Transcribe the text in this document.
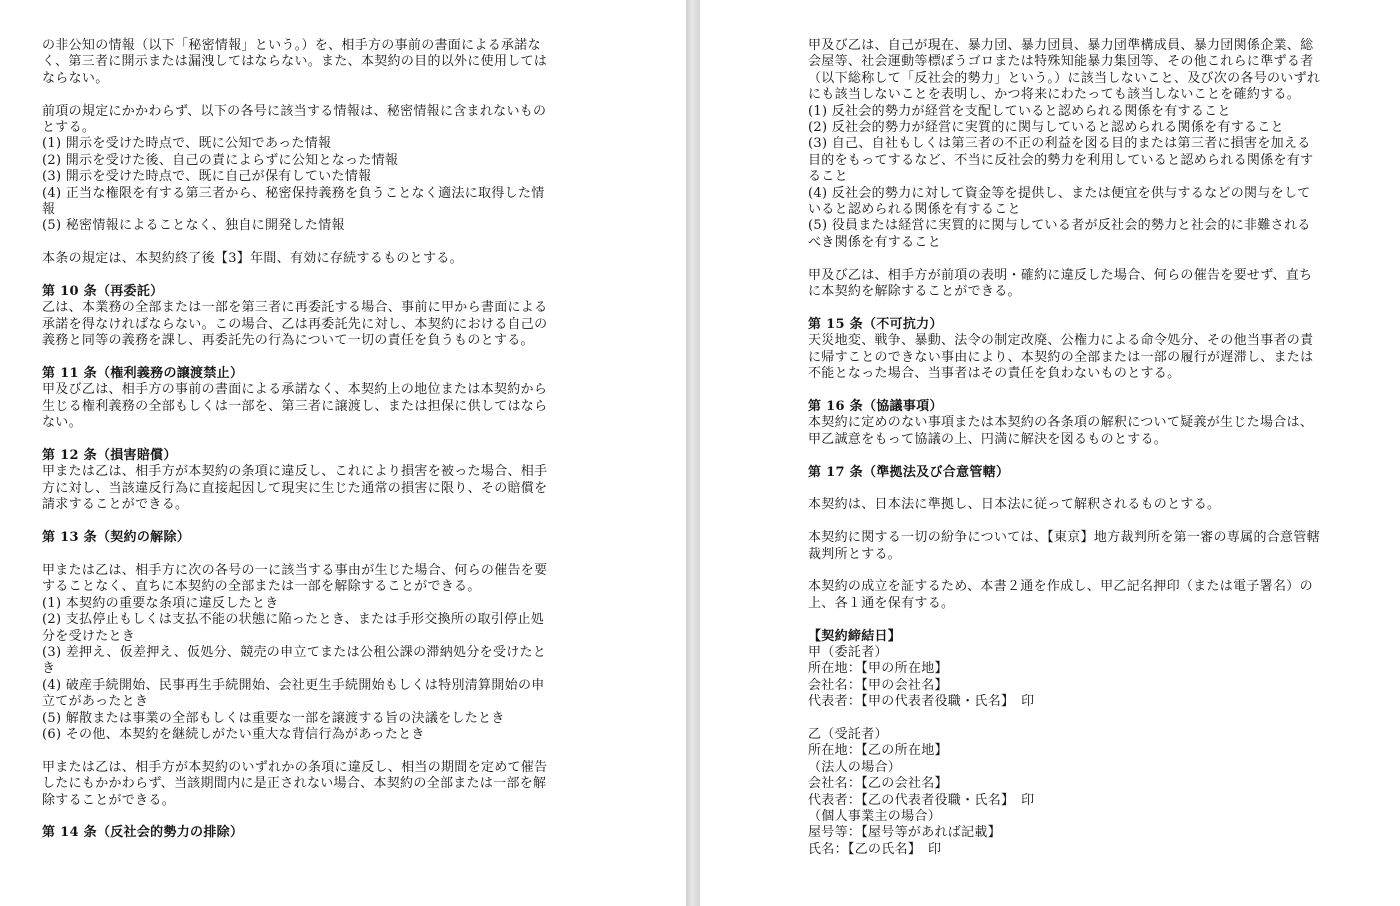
の非公知の情報（以下「秘密情報」という。）を、相手方の事前の書面による承諾な
く、第三者に開示または漏洩してはならない。また、本契約の目的以外に使用しては
ならない。

前項の規定にかかわらず、以下の各号に該当する情報は、秘密情報に含まれないもの
とする。

(1) 開示を受けた時点で、既に公知であった情報

(2) 開示を受けた後、自己の責によらずに公知となった情報

(3) 開示を受けた時点で、既に自己が保有していた情報

(4) 正当な権限を有する第三者から、秘密保持義務を負うことなく適法に取得した情
報

(5) 秘密情報によることなく、独自に開発した情報

本条の規定は、本契約終了後【3】年間、有効に存続するものとする。

第 10 条（再委託）

乙は、本業務の全部または一部を第三者に再委託する場合、事前に甲から書面による
承諾を得なければならない。この場合、乙は再委託先に対し、本契約における自己の
義務と同等の義務を課し、再委託先の行為について一切の責任を負うものとする。

第 11 条（権利義務の譲渡禁止）

甲及び乙は、相手方の事前の書面による承諾なく、本契約上の地位または本契約から
生じる権利義務の全部もしくは一部を、第三者に譲渡し、または担保に供してはなら
ない。

第 12 条（損害賠償）

甲または乙は、相手方が本契約の条項に違反し、これにより損害を被った場合、相手
方に対し、当該違反行為に直接起因して現実に生じた通常の損害に限り、その賠償を
請求することができる。

第 13 条（契約の解除）

甲または乙は、相手方に次の各号の一に該当する事由が生じた場合、何らの催告を要
することなく、直ちに本契約の全部または一部を解除することができる。

(1) 本契約の重要な条項に違反したとき

(2) 支払停止もしくは支払不能の状態に陥ったとき、または手形交換所の取引停止処
分を受けたとき

(3) 差押え、仮差押え、仮処分、競売の申立てまたは公租公課の滞納処分を受けたと
き

(4) 破産手続開始、民事再生手続開始、会社更生手続開始もしくは特別清算開始の申
立てがあったとき

(5) 解散または事業の全部もしくは重要な一部を譲渡する旨の決議をしたとき

(6) その他、本契約を継続しがたい重大な背信行為があったとき

甲または乙は、相手方が本契約のいずれかの条項に違反し、相当の期間を定めて催告
したにもかかわらず、当該期間内に是正されない場合、本契約の全部または一部を解
除することができる。

第 14 条（反社会的勢力の排除）

甲及び乙は、自己が現在、暴力団、暴力団員、暴力団準構成員、暴力団関係企業、総
会屋等、社会運動等標ぼうゴロまたは特殊知能暴力集団等、その他これらに準ずる者
（以下総称して「反社会的勢力」という。）に該当しないこと、及び次の各号のいずれ
にも該当しないことを表明し、かつ将来にわたっても該当しないことを確約する。

(1) 反社会的勢力が経営を支配していると認められる関係を有すること

(2) 反社会的勢力が経営に実質的に関与していると認められる関係を有すること

(3) 自己、自社もしくは第三者の不正の利益を図る目的または第三者に損害を加える
目的をもってするなど、不当に反社会的勢力を利用していると認められる関係を有す
ること

(4) 反社会的勢力に対して資金等を提供し、または便宜を供与するなどの関与をして
いると認められる関係を有すること

(5) 役員または経営に実質的に関与している者が反社会的勢力と社会的に非難される
べき関係を有すること

甲及び乙は、相手方が前項の表明・確約に違反した場合、何らの催告を要せず、直ち
に本契約を解除することができる。

第 15 条（不可抗力）

天災地変、戦争、暴動、法令の制定改廃、公権力による命令処分、その他当事者の責
に帰すことのできない事由により、本契約の全部または一部の履行が遅滞し、または
不能となった場合、当事者はその責任を負わないものとする。

第 16 条（協議事項）

本契約に定めのない事項または本契約の各条項の解釈について疑義が生じた場合は、
甲乙誠意をもって協議の上、円満に解決を図るものとする。

第 17 条（準拠法及び合意管轄）

本契約は、日本法に準拠し、日本法に従って解釈されるものとする。

本契約に関する一切の紛争については、【東京】地方裁判所を第一審の専属的合意管轄
裁判所とする。

本契約の成立を証するため、本書２通を作成し、甲乙記名押印（または電子署名）の
上、各１通を保有する。

【契約締結日】

甲（委託者）

所在地：【甲の所在地】

会社名：【甲の会社名】

代表者：【甲の代表者役職・氏名】　印

乙（受託者）

所在地：【乙の所在地】

（法人の場合）

会社名：【乙の会社名】

代表者：【乙の代表者役職・氏名】　印

（個人事業主の場合）

屋号等：【屋号等があれば記載】

氏名：【乙の氏名】　印
